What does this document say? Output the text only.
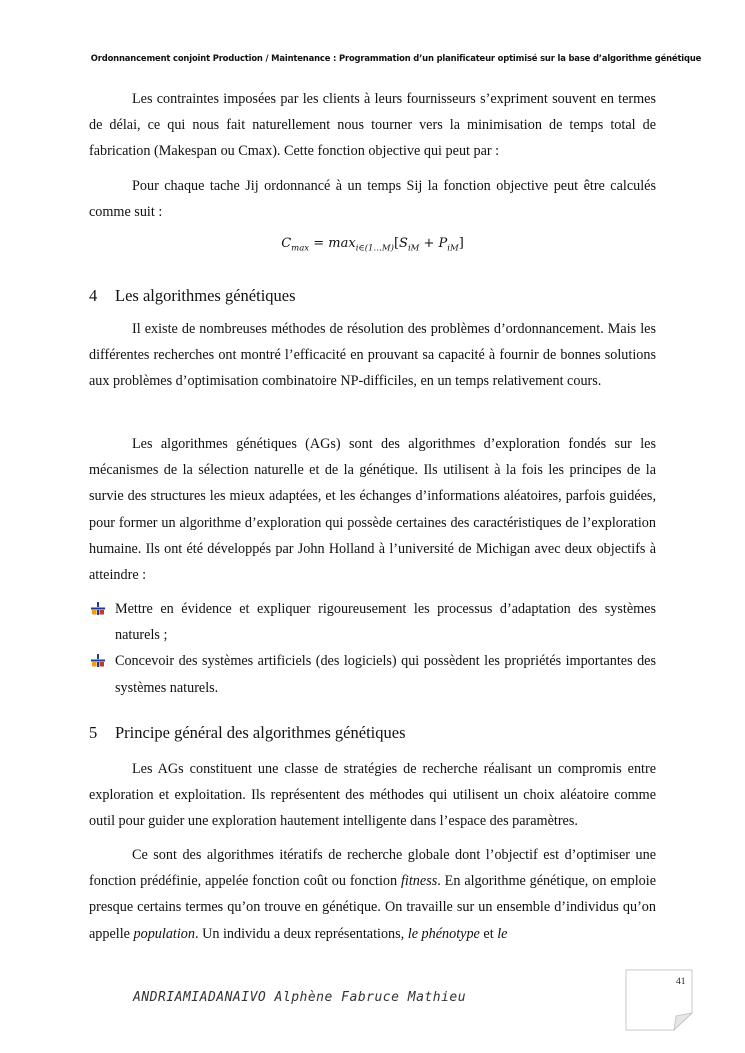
Ordonnancement conjoint Production / Maintenance : Programmation d’un planificateur optimisé sur la base d’algorithme génétique

Les contraintes imposées par les clients à leurs fournisseurs s’expriment souvent en termes de délai, ce qui nous fait naturellement nous tourner vers la minimisation de temps total de fabrication (Makespan ou Cmax). Cette fonction objective qui peut par :

Pour chaque tache Jij ordonnancé à un temps Sij la fonction objective peut être calculés comme suit :

$C_{max} = \max_{i\in(1\dots M)}[S_{iM} + P_{iM}]$
4 Les algorithmes génétiques

Il existe de nombreuses méthodes de résolution des problèmes d’ordonnancement. Mais les différentes recherches ont montré l’efficacité en prouvant sa capacité à fournir de bonnes solutions aux problèmes d’optimisation combinatoire NP-difficiles, en un temps relativement cours.

Les algorithmes génétiques (AGs) sont des algorithmes d’exploration fondés sur les mécanismes de la sélection naturelle et de la génétique. Ils utilisent à la fois les principes de la survie des structures les mieux adaptées, et les échanges d’informations aléatoires, parfois guidées, pour former un algorithme d’exploration qui possède certaines des caractéristiques de l’exploration humaine. Ils ont été développés par John Holland à l’université de Michigan avec deux objectifs à atteindre :

Mettre en évidence et expliquer rigoureusement les processus d’adaptation des systèmes naturels ;
Concevoir des systèmes artificiels (des logiciels) qui possèdent les propriétés importantes des systèmes naturels.
5 Principe général des algorithmes génétiques

Les AGs constituent une classe de stratégies de recherche réalisant un compromis entre exploration et exploitation. Ils représentent des méthodes qui utilisent un choix aléatoire comme outil pour guider une exploration hautement intelligente dans l’espace des paramètres.

Ce sont des algorithmes itératifs de recherche globale dont l’objectif est d’optimiser une fonction prédéfinie, appelée fonction coût ou fonction fitness. En algorithme génétique, on emploie presque certains termes qu’on trouve en génétique. On travaille sur un ensemble d’individus qu’on appelle population. Un individu a deux représentations, le phénotype et le

41
ANDRIAMIADANAIVO Alphène Fabruce Mathieu
